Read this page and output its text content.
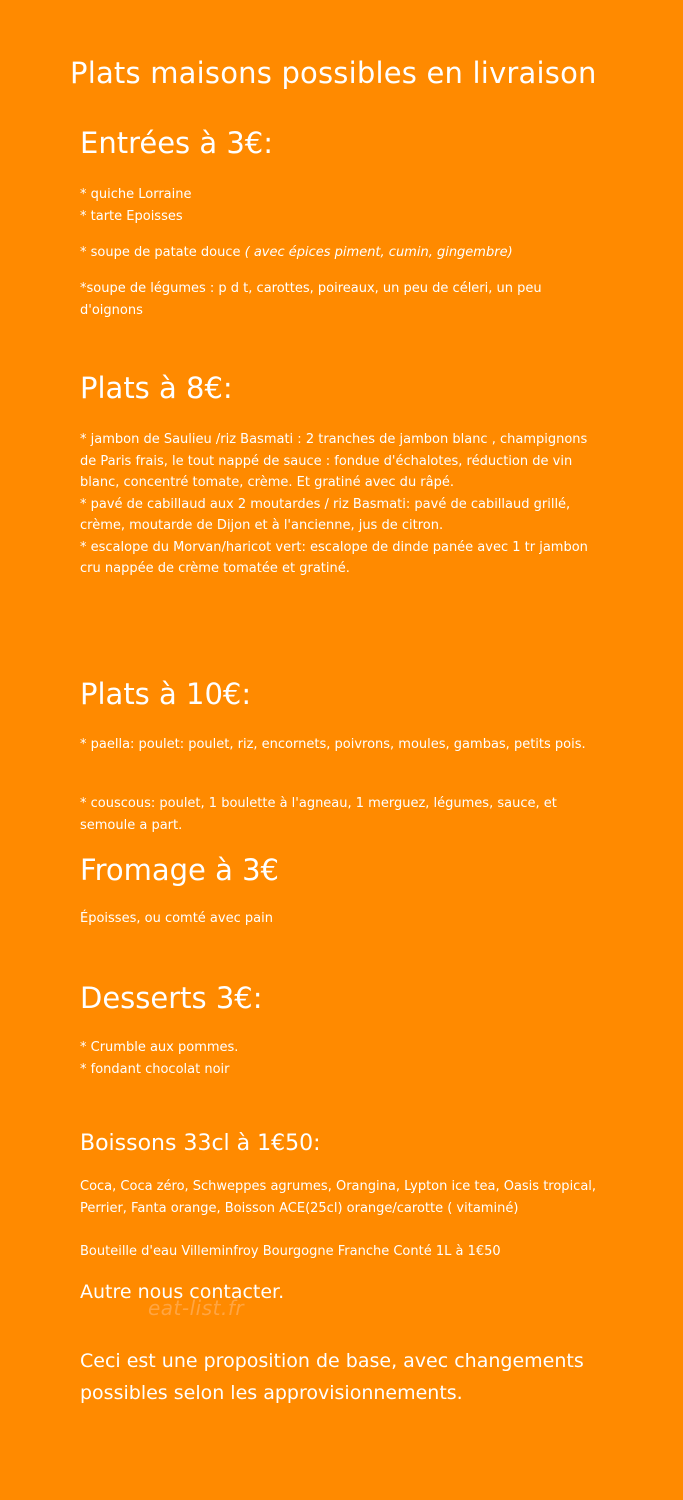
Plats maisons possibles en livraison
Entrées à 3€:
* quiche Lorraine
* tarte Epoisses
* soupe de patate douce ( avec épices piment, cumin, gingembre)
*soupe de légumes : p d t, carottes, poireaux, un peu de céleri, un peu d'oignons
Plats à 8€:
* jambon de Saulieu /riz Basmati : 2 tranches de jambon blanc , champignons de Paris frais, le tout nappé de sauce : fondue d'échalotes, réduction de vin blanc, concentré tomate, crème. Et gratiné avec du râpé.
* pavé de cabillaud aux 2 moutardes / riz Basmati: pavé de cabillaud grillé, crème, moutarde de Dijon et à l'ancienne, jus de citron.
* escalope du Morvan/haricot vert: escalope de dinde panée avec 1 tr jambon cru nappée de crème tomatée et gratiné.
Plats à 10€:
* paella: poulet: poulet, riz, encornets, poivrons, moules, gambas, petits pois.
* couscous: poulet, 1 boulette à l'agneau, 1 merguez, légumes, sauce, et semoule a part.
Fromage à 3€
Époisses, ou comté avec pain
Desserts 3€:
* Crumble aux pommes.
* fondant chocolat noir
Boissons 33cl à 1€50:
Coca, Coca zéro, Schweppes agrumes, Orangina, Lypton ice tea, Oasis tropical, Perrier, Fanta orange, Boisson ACE(25cl) orange/carotte ( vitaminé)
Bouteille d'eau Villeminfroy Bourgogne Franche Conté 1L à 1€50
Autre nous contacter.
eat-list.fr
Ceci est une proposition de base, avec changements possibles selon les approvisionnements.
